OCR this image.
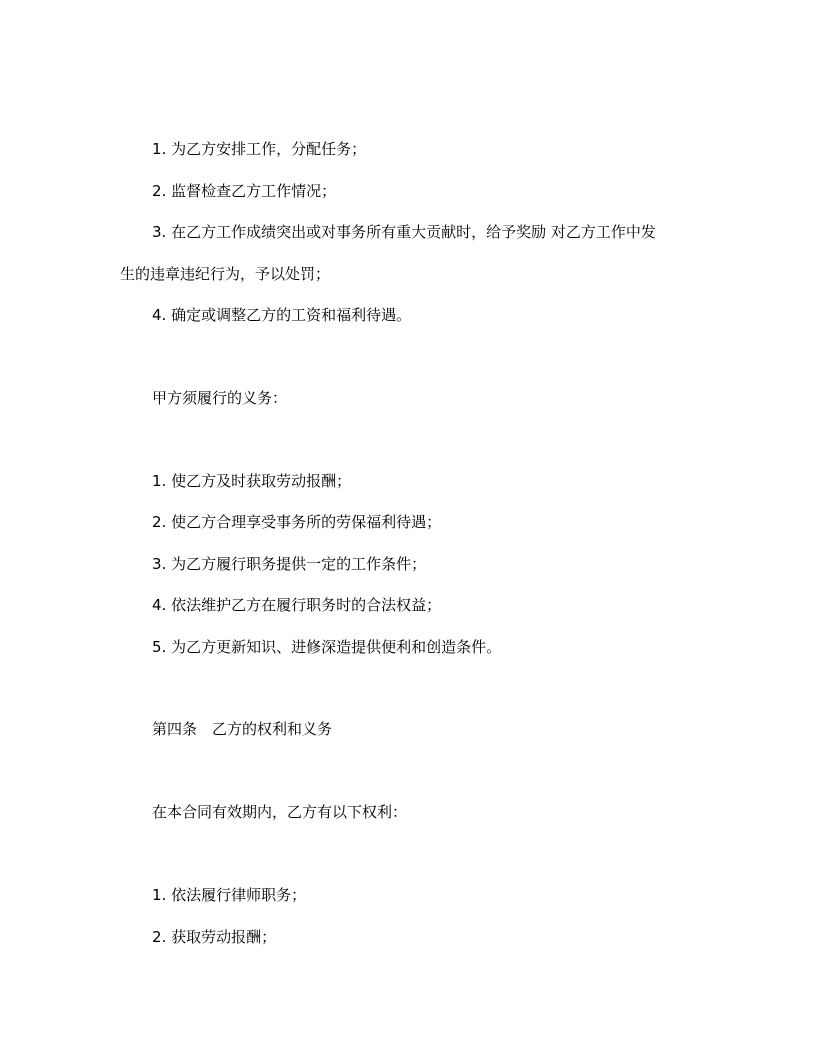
1. 为乙方安排工作，分配任务；
2. 监督检查乙方工作情况；
3. 在乙方工作成绩突出或对事务所有重大贡献时，给予奖励 对乙方工作中发
生的违章违纪行为，予以处罚；
4. 确定或调整乙方的工资和福利待遇。
甲方须履行的义务：
1. 使乙方及时获取劳动报酬；
2. 使乙方合理享受事务所的劳保福利待遇；
3. 为乙方履行职务提供一定的工作条件；
4. 依法维护乙方在履行职务时的合法权益；
5. 为乙方更新知识、进修深造提供便利和创造条件。
第四条　乙方的权利和义务
在本合同有效期内，乙方有以下权利：
1. 依法履行律师职务；
2. 获取劳动报酬；
